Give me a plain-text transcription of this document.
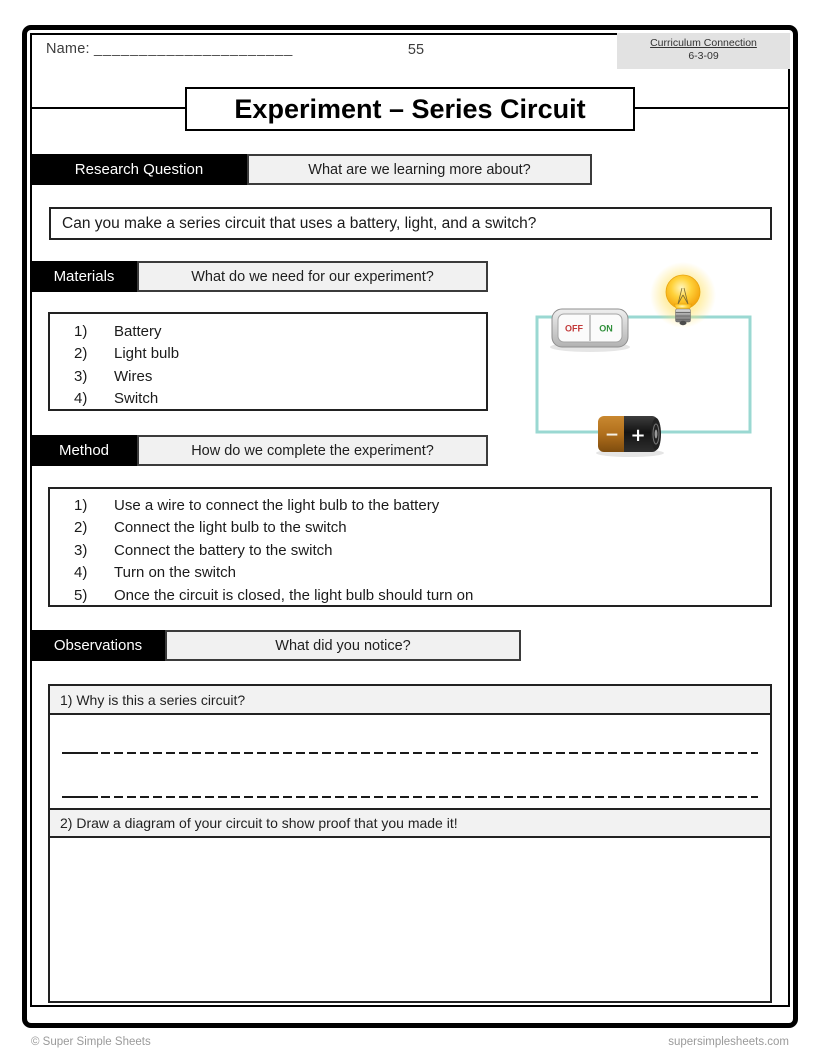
Name: ______________________	55	Curriculum Connection
6-3-09
Experiment – Series Circuit
Research Question	What are we learning more about?
Can you make a series circuit that uses a battery, light, and a switch?
Materials	What do we need for our experiment?
1)	Battery
2)	Light bulb
3)	Wires
4)	Switch
OFF ON
− +
Method	How do we complete the experiment?
1)	Use a wire to connect the light bulb to the battery
2)	Connect the light bulb to the switch
3)	Connect the battery to the switch
4)	Turn on the switch
5)	Once the circuit is closed, the light bulb should turn on
Observations	What did you notice?
1) Why is this a series circuit?
2) Draw a diagram of your circuit to show proof that you made it!
© Super Simple Sheets	supersimplesheets.com
